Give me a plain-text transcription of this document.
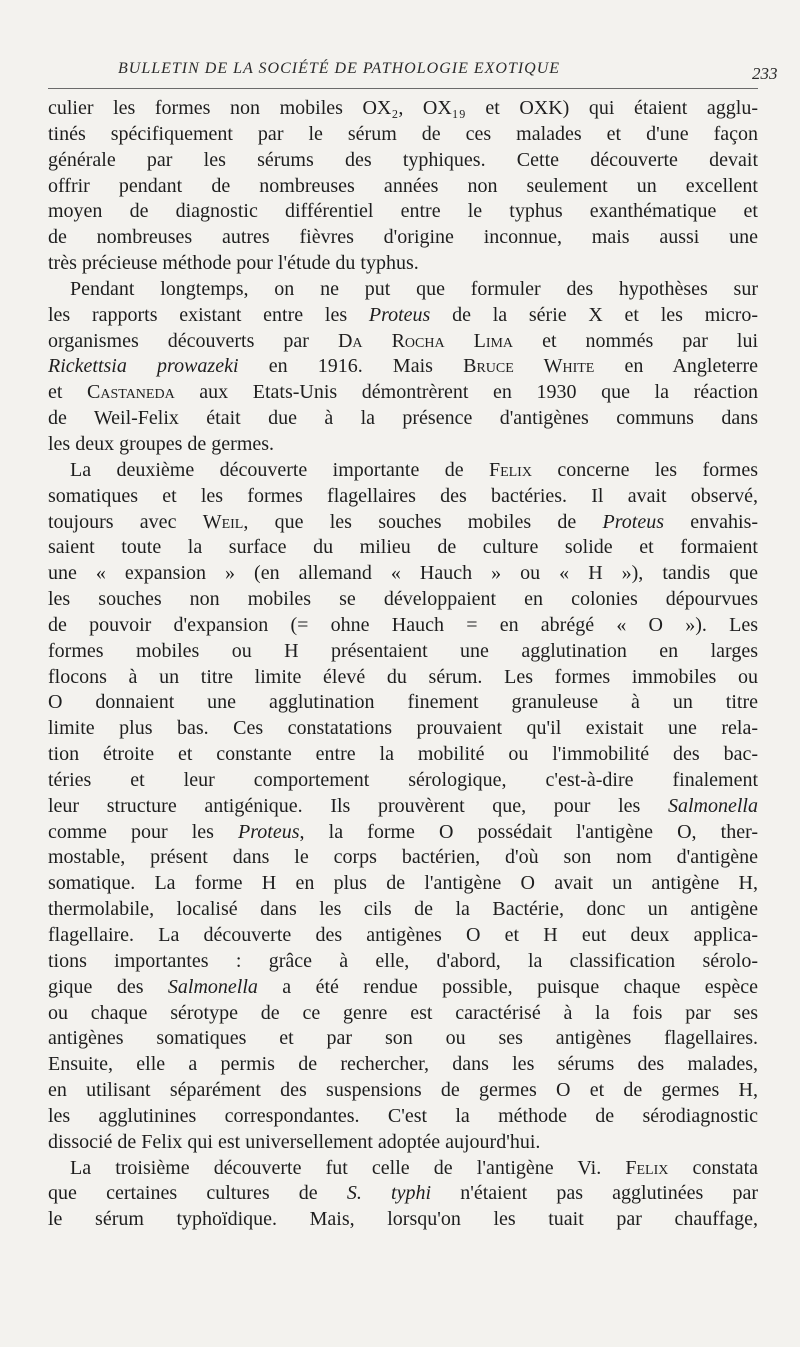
BULLETIN DE LA SOCIÉTÉ DE PATHOLOGIE EXOTIQUE	233
culier les formes non mobiles OX₂, OX₁₉ et OXK) qui étaient agglu-
tinés spécifiquement par le sérum de ces malades et d'une façon
générale par les sérums des typhiques. Cette découverte devait
offrir pendant de nombreuses années non seulement un excellent
moyen de diagnostic différentiel entre le typhus exanthématique et
de nombreuses autres fièvres d'origine inconnue, mais aussi une
très précieuse méthode pour l'étude du typhus.
Pendant longtemps, on ne put que formuler des hypothèses sur
les rapports existant entre les Proteus de la série X et les micro-
organismes découverts par Da Rocha Lima et nommés par lui
Rickettsia prowazeki en 1916. Mais Bruce White en Angleterre
et Castaneda aux Etats-Unis démontrèrent en 1930 que la réaction
de Weil-Felix était due à la présence d'antigènes communs dans
les deux groupes de germes.
La deuxième découverte importante de Felix concerne les formes
somatiques et les formes flagellaires des bactéries. Il avait observé,
toujours avec Weil, que les souches mobiles de Proteus envahis-
saient toute la surface du milieu de culture solide et formaient
une « expansion » (en allemand « Hauch » ou « H »), tandis que
les souches non mobiles se développaient en colonies dépourvues
de pouvoir d'expansion (= ohne Hauch = en abrégé « O »). Les
formes mobiles ou H présentaient une agglutination en larges
flocons à un titre limite élevé du sérum. Les formes immobiles ou
O donnaient une agglutination finement granuleuse à un titre
limite plus bas. Ces constatations prouvaient qu'il existait une rela-
tion étroite et constante entre la mobilité ou l'immobilité des bac-
téries et leur comportement sérologique, c'est-à-dire finalement
leur structure antigénique. Ils prouvèrent que, pour les Salmonella
comme pour les Proteus, la forme O possédait l'antigène O, ther-
mostable, présent dans le corps bactérien, d'où son nom d'antigène
somatique. La forme H en plus de l'antigène O avait un antigène H,
thermolabile, localisé dans les cils de la Bactérie, donc un antigène
flagellaire. La découverte des antigènes O et H eut deux applica-
tions importantes : grâce à elle, d'abord, la classification sérolo-
gique des Salmonella a été rendue possible, puisque chaque espèce
ou chaque sérotype de ce genre est caractérisé à la fois par ses
antigènes somatiques et par son ou ses antigènes flagellaires.
Ensuite, elle a permis de rechercher, dans les sérums des malades,
en utilisant séparément des suspensions de germes O et de germes H,
les agglutinines correspondantes. C'est la méthode de sérodiagnostic
dissocié de Felix qui est universellement adoptée aujourd'hui.
La troisième découverte fut celle de l'antigène Vi. Felix constata
que certaines cultures de S. typhi n'étaient pas agglutinées par
le sérum typhoïdique. Mais, lorsqu'on les tuait par chauffage,
